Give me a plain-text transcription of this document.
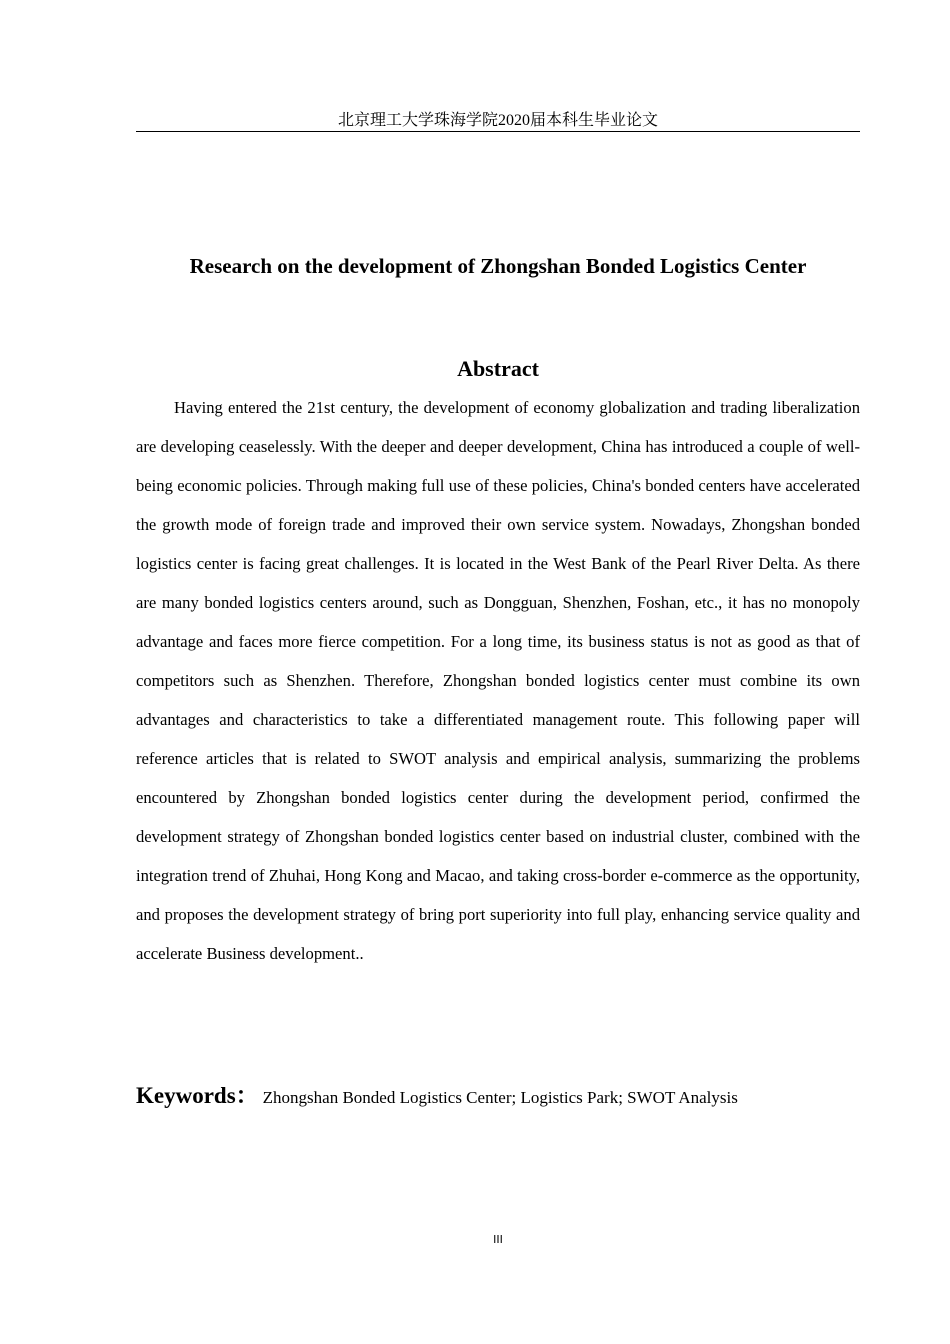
北京理工大学珠海学院2020届本科生毕业论文
Research on the development of Zhongshan Bonded Logistics Center
Abstract

Having entered the 21st century, the development of economy globalization and trading liberalization are developing ceaselessly. With the deeper and deeper development, China has introduced a couple of well-being economic policies. Through making full use of these policies, China's bonded centers have accelerated the growth mode of foreign trade and improved their own service system. Nowadays, Zhongshan bonded logistics center is facing great challenges. It is located in the West Bank of the Pearl River Delta. As there are many bonded logistics centers around, such as Dongguan, Shenzhen, Foshan, etc., it has no monopoly advantage and faces more fierce competition. For a long time, its business status is not as good as that of competitors such as Shenzhen. Therefore, Zhongshan bonded logistics center must combine its own advantages and characteristics to take a differentiated management route. This following paper will reference articles that is related to SWOT analysis and empirical analysis, summarizing the problems encountered by Zhongshan bonded logistics center during the development period, confirmed the development strategy of Zhongshan bonded logistics center based on industrial cluster, combined with the integration trend of Zhuhai, Hong Kong and Macao, and taking cross-border e-commerce as the opportunity, and proposes the development strategy of bring port superiority into full play, enhancing service quality and accelerate Business development..

Keywords： Zhongshan Bonded Logistics Center; Logistics Park; SWOT Analysis
III
